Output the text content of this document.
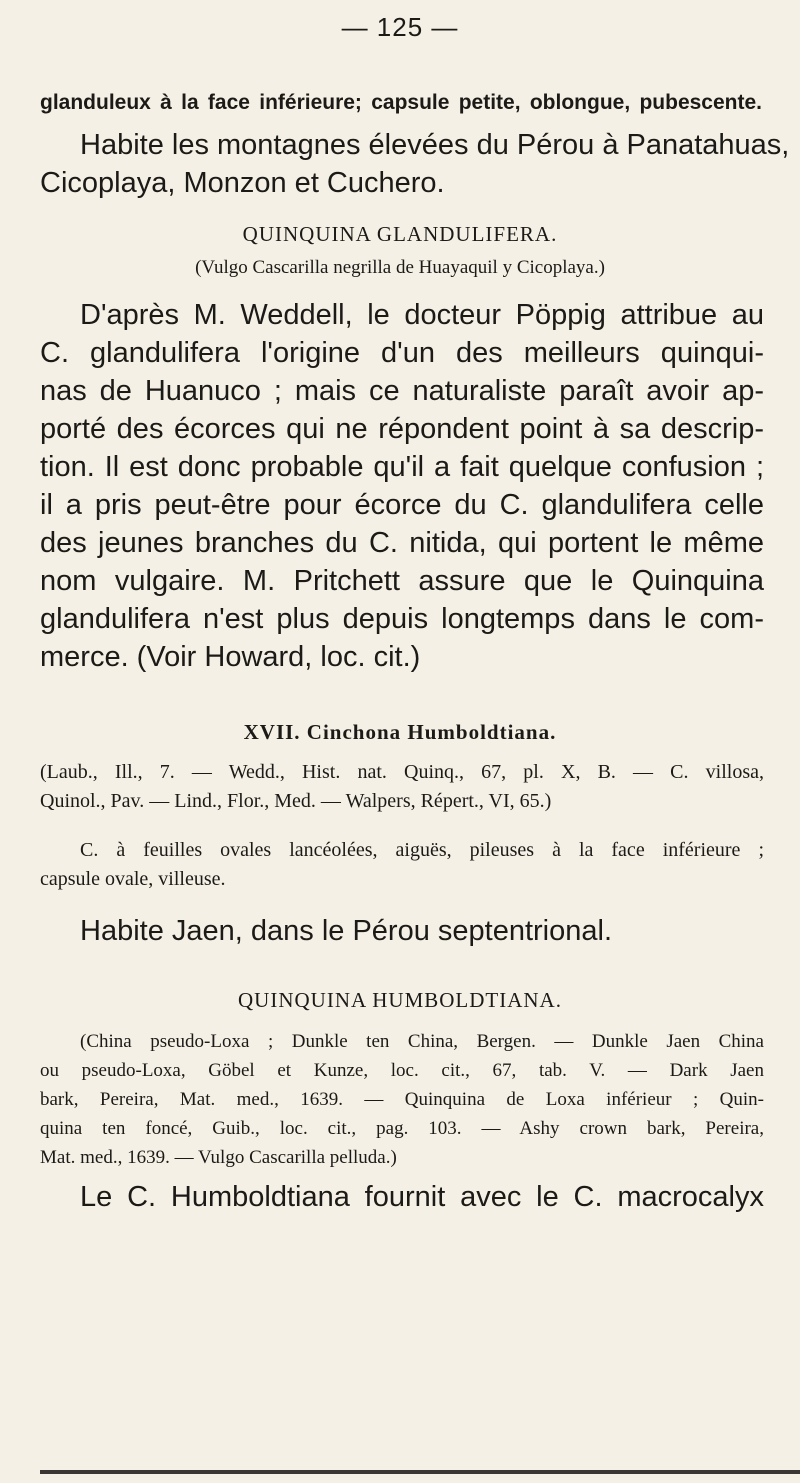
— 125 —
glanduleux à la face inférieure; capsule petite, oblongue, pubescente.
Habite les montagnes élevées du Pérou à Panatahuas,
Cicoplaya, Monzon et Cuchero.
QUINQUINA GLANDULIFERA.
(Vulgo Cascarilla negrilla de Huayaquil y Cicoplaya.)
D'après M. Weddell, le docteur Pöppig attribue au
C. glandulifera l'origine d'un des meilleurs quinqui-
nas de Huanuco ; mais ce naturaliste paraît avoir ap-
porté des écorces qui ne répondent point à sa descrip-
tion. Il est donc probable qu'il a fait quelque confusion ;
il a pris peut-être pour écorce du C. glandulifera celle
des jeunes branches du C. nitida, qui portent le même
nom vulgaire. M. Pritchett assure que le Quinquina
glandulifera n'est plus depuis longtemps dans le com-
merce. (Voir Howard, loc. cit.)
XVII. Cinchona Humboldtiana.
(Laub., Ill., 7. — Wedd., Hist. nat. Quinq., 67, pl. X, B. — C. villosa,
Quinol., Pav. — Lind., Flor., Med. — Walpers, Répert., VI, 65.)
C. à feuilles ovales lancéolées, aiguës, pileuses à la face inférieure ;
capsule ovale, villeuse.
Habite Jaen, dans le Pérou septentrional.
QUINQUINA HUMBOLDTIANA.
(China pseudo-Loxa ; Dunkle ten China, Bergen. — Dunkle Jaen China
ou pseudo-Loxa, Göbel et Kunze, loc. cit., 67, tab. V. — Dark Jaen
bark, Pereira, Mat. med., 1639. — Quinquina de Loxa inférieur ; Quin-
quina ten foncé, Guib., loc. cit., pag. 103. — Ashy crown bark, Pereira,
Mat. med., 1639. — Vulgo Cascarilla pelluda.)
Le C. Humboldtiana fournit avec le C. macrocalyx
